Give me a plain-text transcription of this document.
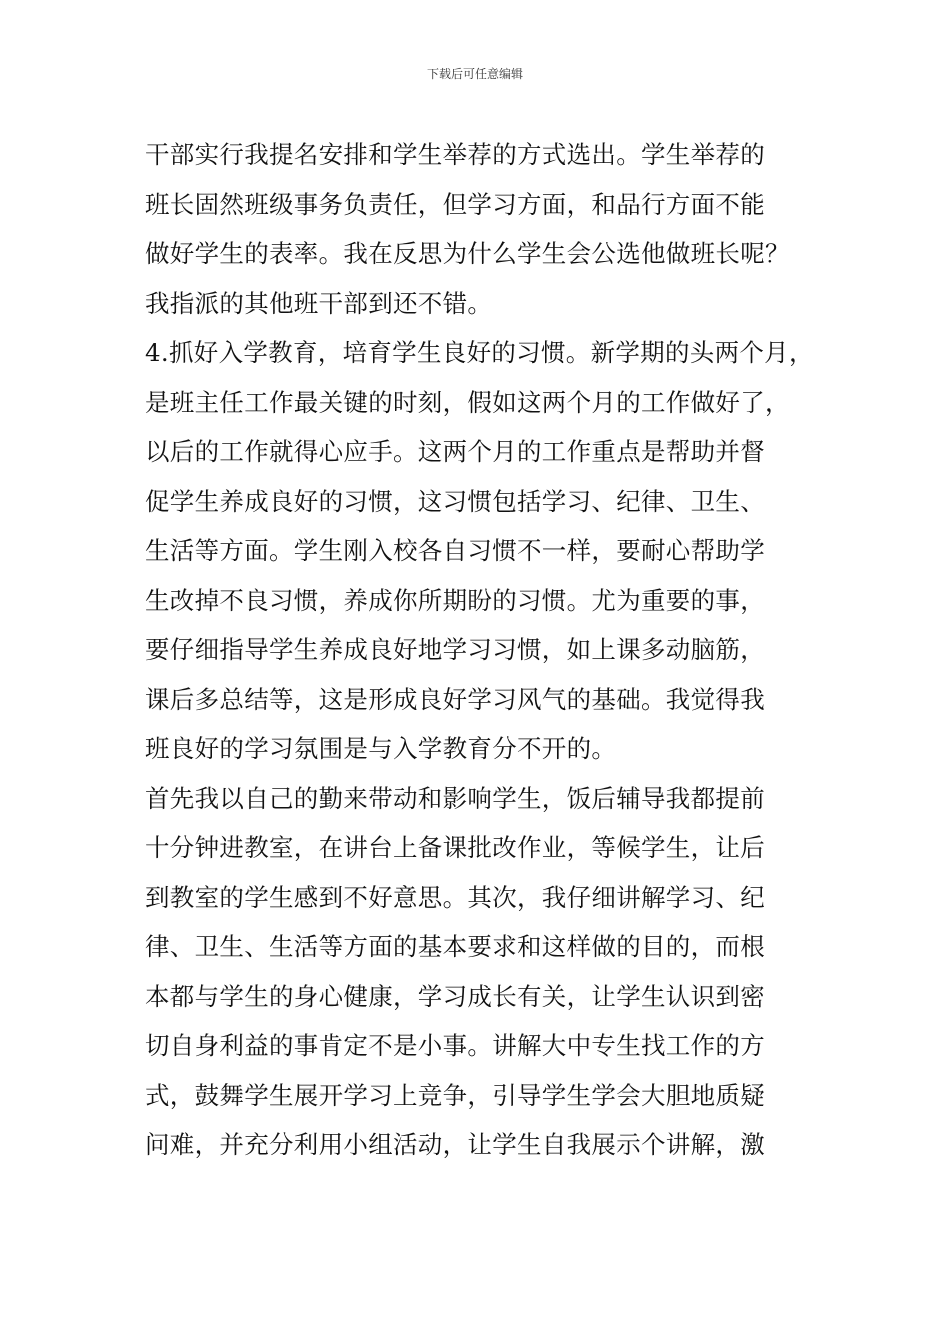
下载后可任意编辑
干部实行我提名安排和学生举荐的方式选出。学生举荐的
班长固然班级事务负责任，但学习方面，和品行方面不能
做好学生的表率。我在反思为什么学生会公选他做班长呢？
我指派的其他班干部到还不错。
4.抓好入学教育，培育学生良好的习惯。新学期的头两个月，
是班主任工作最关键的时刻，假如这两个月的工作做好了，
以后的工作就得心应手。这两个月的工作重点是帮助并督
促学生养成良好的习惯，这习惯包括学习、纪律、卫生、
生活等方面。学生刚入校各自习惯不一样，要耐心帮助学
生改掉不良习惯，养成你所期盼的习惯。尤为重要的事，
要仔细指导学生养成良好地学习习惯，如上课多动脑筋，
课后多总结等，这是形成良好学习风气的基础。我觉得我
班良好的学习氛围是与入学教育分不开的。
首先我以自己的勤来带动和影响学生，饭后辅导我都提前
十分钟进教室，在讲台上备课批改作业，等候学生，让后
到教室的学生感到不好意思。其次，我仔细讲解学习、纪
律、卫生、生活等方面的基本要求和这样做的目的，而根
本都与学生的身心健康，学习成长有关，让学生认识到密
切自身利益的事肯定不是小事。讲解大中专生找工作的方
式，鼓舞学生展开学习上竞争，引导学生学会大胆地质疑
问难，并充分利用小组活动，让学生自我展示个讲解，激
